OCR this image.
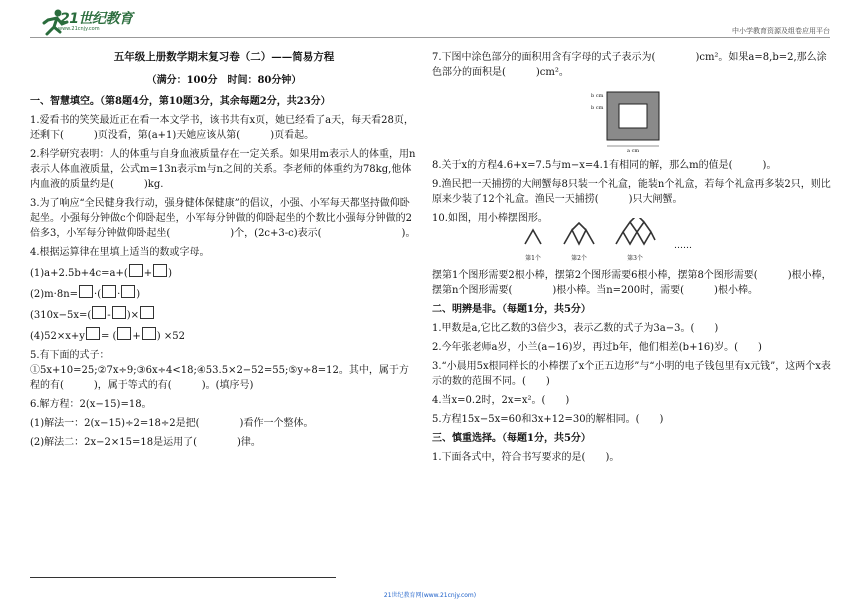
21世纪教育
www.21cnjy.com	中小学教育资源及组卷应用平台
五年级上册数学期末复习卷（二）——简易方程
（满分：100分　时间：80分钟）
一、智慧填空。（第8题4分，第10题3分，其余每题2分，共23分）

1.爱看书的笑笑最近正在看一本文学书，该书共有x页，她已经看了a天，每天看28页，还剩下(　　　)页没看，第(a+1)天她应该从第(　　　)页看起。

2.科学研究表明：人的体重与自身血液质量存在一定关系。如果用m表示人的体重，用n表示人体血液质量，公式m=13n表示m与n之间的关系。李老师的体重约为78kg,他体内血液的质量约是(　　　)kg.

3.为了响应“全民健身我行动，强身健体保健康”的倡议，小强、小军每天都坚持做仰卧起坐。小强每分钟做c个仰卧起坐，小军每分钟做的仰卧起坐的个数比小强每分钟做的2倍多3，小军每分钟做仰卧起坐(　　　　　　)个，(2c+3-c)表示(　　　　　　　　)。

4.根据运算律在里填上适当的数或字母。

(1)a+2.5b+4c=a+( + )

(2)m·8n= ·( · )

(310x−5x=( - )×

(4)52×x+y = ( + ) ×52

5.有下面的式子：①5x+10=25;②7x÷9;③6x÷4<18;④53.5×2−52=55;⑤y÷8=12。其中，属于方程的有(　　　)，属于等式的有(　　　)。(填序号)

6.解方程：2(x−15)=18。

(1)解法一：2(x−15)÷2=18÷2是把(　　　　)看作一个整体。

(2)解法二：2x−2×15=18是运用了(　　　　)律。

7.下图中涂色部分的面积用含有字母的式子表示为(　　　　)cm²。如果a=8,b=2,那么涂色部分的面积是(　　　)cm²。

b cm
b cm
a cm

8.关于x的方程4.6+x=7.5与m−x=4.1有相同的解，那么m的值是(　　　)。

9.渔民把一天捕捞的大闸蟹每8只装一个礼盒，能装n个礼盒，若每个礼盒再多装2只，则比原来少装了12个礼盒。渔民一天捕捞(　　　)只大闸蟹。

10.如图，用小棒摆图形。

第1个	第2个	第3个
……

摆第1个图形需要2根小棒，摆第2个图形需要6根小棒，摆第8个图形需要(　　　)根小棒，摆第n个图形需要(　　　　)根小棒。当n=200时，需要(　　　)根小棒。

二、明辨是非。（每题1分，共5分）

1.甲数是a,它比乙数的3倍少3，表示乙数的式子为3a−3。(　　)

2.今年张老师a岁，小兰(a−16)岁，再过b年，他们相差(b+16)岁。(　　)

3.“小晨用5x根同样长的小棒摆了x个正五边形”与“小明的电子钱包里有x元钱”，这两个x表示的数的范围不同。(　　)

4.当x=0.2时，2x=x²。(　　)

5.方程15x−5x=60和3x+12=30的解相同。(　　)

三、慎重选择。（每题1分，共5分）

1.下面各式中，符合书写要求的是(　　)。

21世纪教育网(www.21cnjy.com)
